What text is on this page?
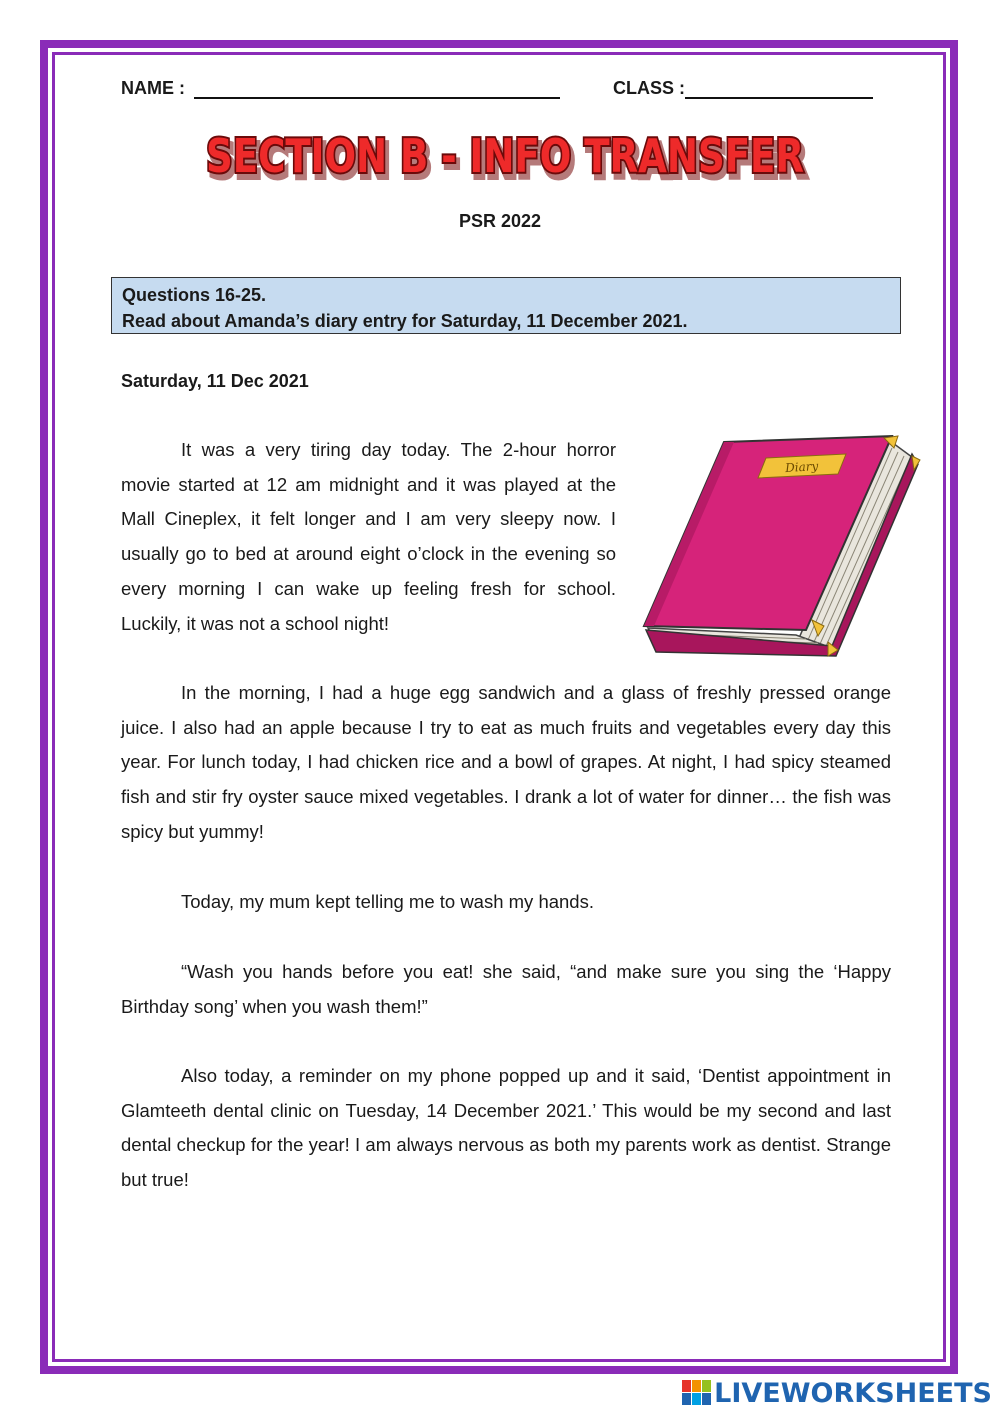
NAME :	CLASS :
SECTION B - INFO TRANSFER
SECTION B - INFO TRANSFER
SECTION B - INFO TRANSFER
PSR 2022
Questions 16-25.
Read about Amanda’s diary entry for Saturday, 11 December 2021.
Saturday, 11 Dec 2021

It was a very tiring day today. The 2-hour horror movie started at 12 am midnight and it was played at the Mall Cineplex, it felt longer and I am very sleepy now. I usually go to bed at around eight o’clock in the evening so every morning I can wake up feeling fresh for school. Luckily, it was not a school night!

In the morning, I had a huge egg sandwich and a glass of freshly pressed orange juice. I also had an apple because I try to eat as much fruits and vegetables every day this year. For lunch today, I had chicken rice and a bowl of grapes. At night, I had spicy steamed fish and stir fry oyster sauce mixed vegetables. I drank a lot of water for dinner… the fish was spicy but yummy!

Today, my mum kept telling me to wash my hands.

“Wash you hands before you eat! she said, “and make sure you sing the ‘Happy Birthday song’ when you wash them!”

Also today, a reminder on my phone popped up and it said, ‘Dentist appointment in Glamteeth dental clinic on Tuesday, 14 December 2021.’ This would be my second and last dental checkup for the year! I am always nervous as both my parents work as dentist. Strange but true!

Diary
LIVEWORKSHEETS
